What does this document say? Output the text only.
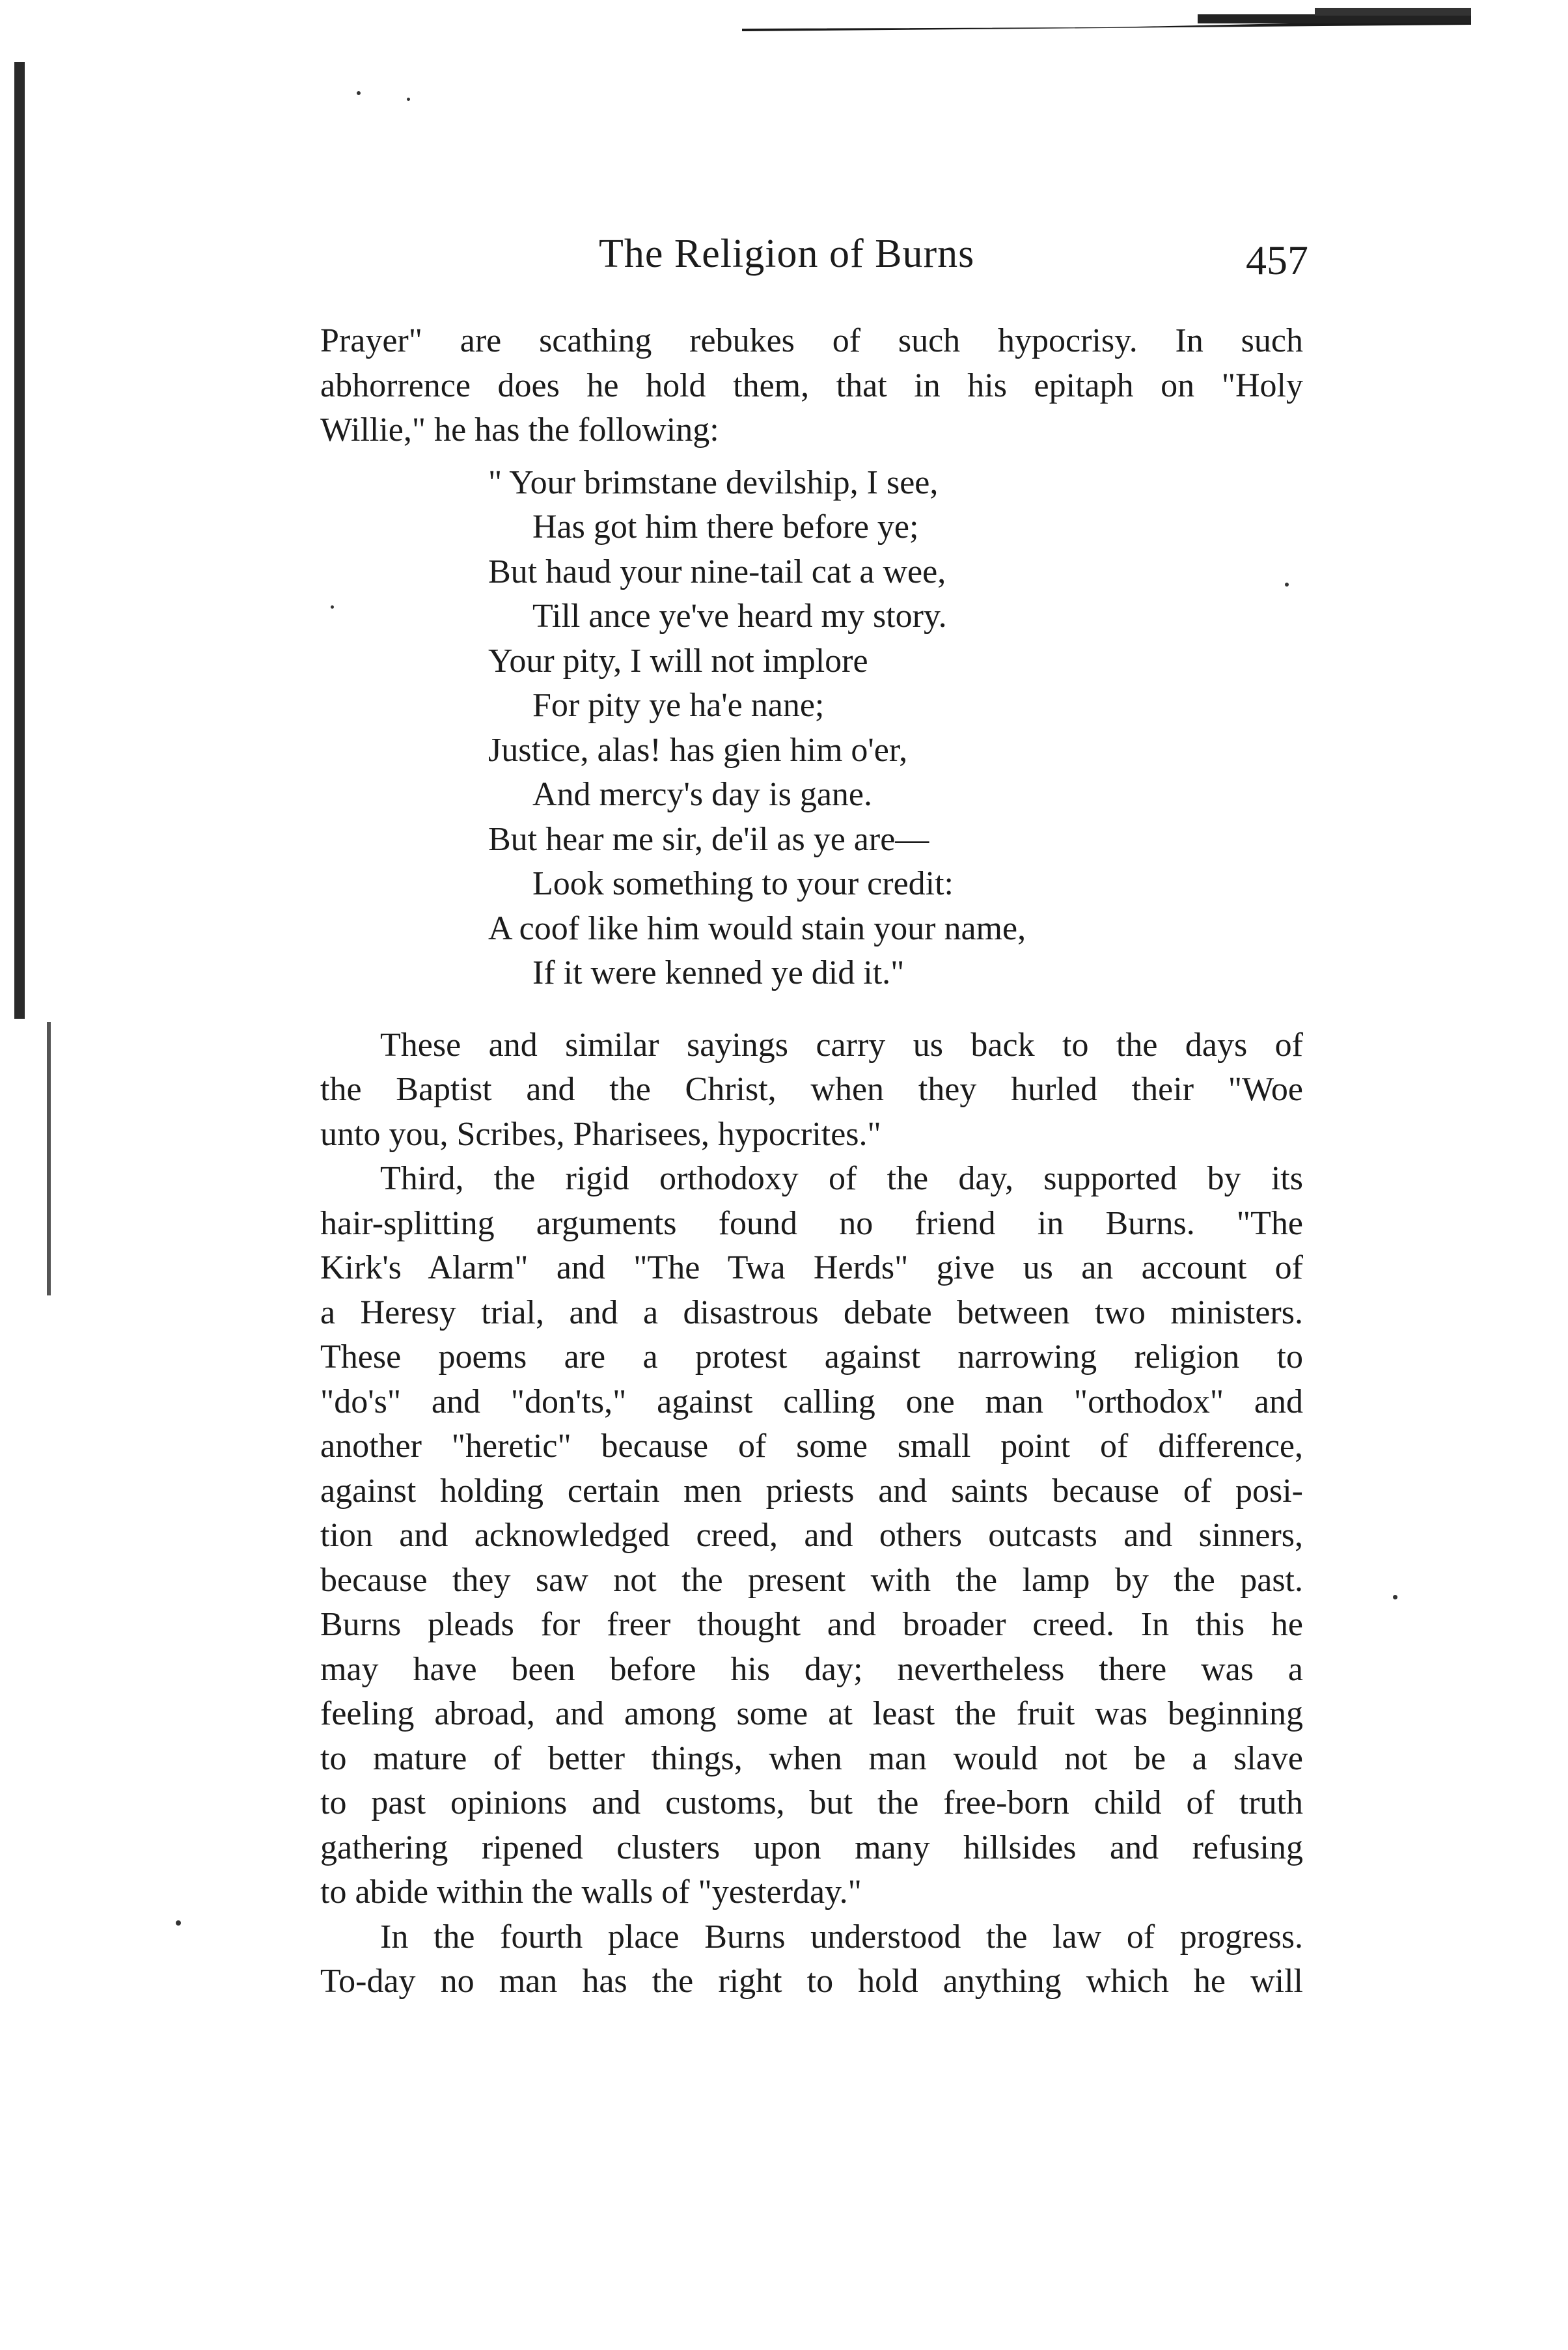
The Religion of Burns	457
Prayer" are scathing rebukes of such hypocrisy. In such
abhorrence does he hold them, that in his epitaph on "Holy
Willie," he has the following:
" Your brimstane devilship, I see,
Has got him there before ye;
But haud your nine-tail cat a wee,
Till ance ye've heard my story.
Your pity, I will not implore
For pity ye ha'e nane;
Justice, alas! has gien him o'er,
And mercy's day is gane.
But hear me sir, de'il as ye are—
Look something to your credit:
A coof like him would stain your name,
If it were kenned ye did it."
These and similar sayings carry us back to the days of
the Baptist and the Christ, when they hurled their "Woe
unto you, Scribes, Pharisees, hypocrites."
Third, the rigid orthodoxy of the day, supported by its
hair-splitting arguments found no friend in Burns. "The
Kirk's Alarm" and "The Twa Herds" give us an account of
a Heresy trial, and a disastrous debate between two ministers.
These poems are a protest against narrowing religion to
"do's" and "don'ts," against calling one man "orthodox" and
another "heretic" because of some small point of difference,
against holding certain men priests and saints because of posi-
tion and acknowledged creed, and others outcasts and sinners,
because they saw not the present with the lamp by the past.
Burns pleads for freer thought and broader creed. In this he
may have been before his day; nevertheless there was a
feeling abroad, and among some at least the fruit was beginning
to mature of better things, when man would not be a slave
to past opinions and customs, but the free-born child of truth
gathering ripened clusters upon many hillsides and refusing
to abide within the walls of "yesterday."
In the fourth place Burns understood the law of progress.
To-day no man has the right to hold anything which he will
